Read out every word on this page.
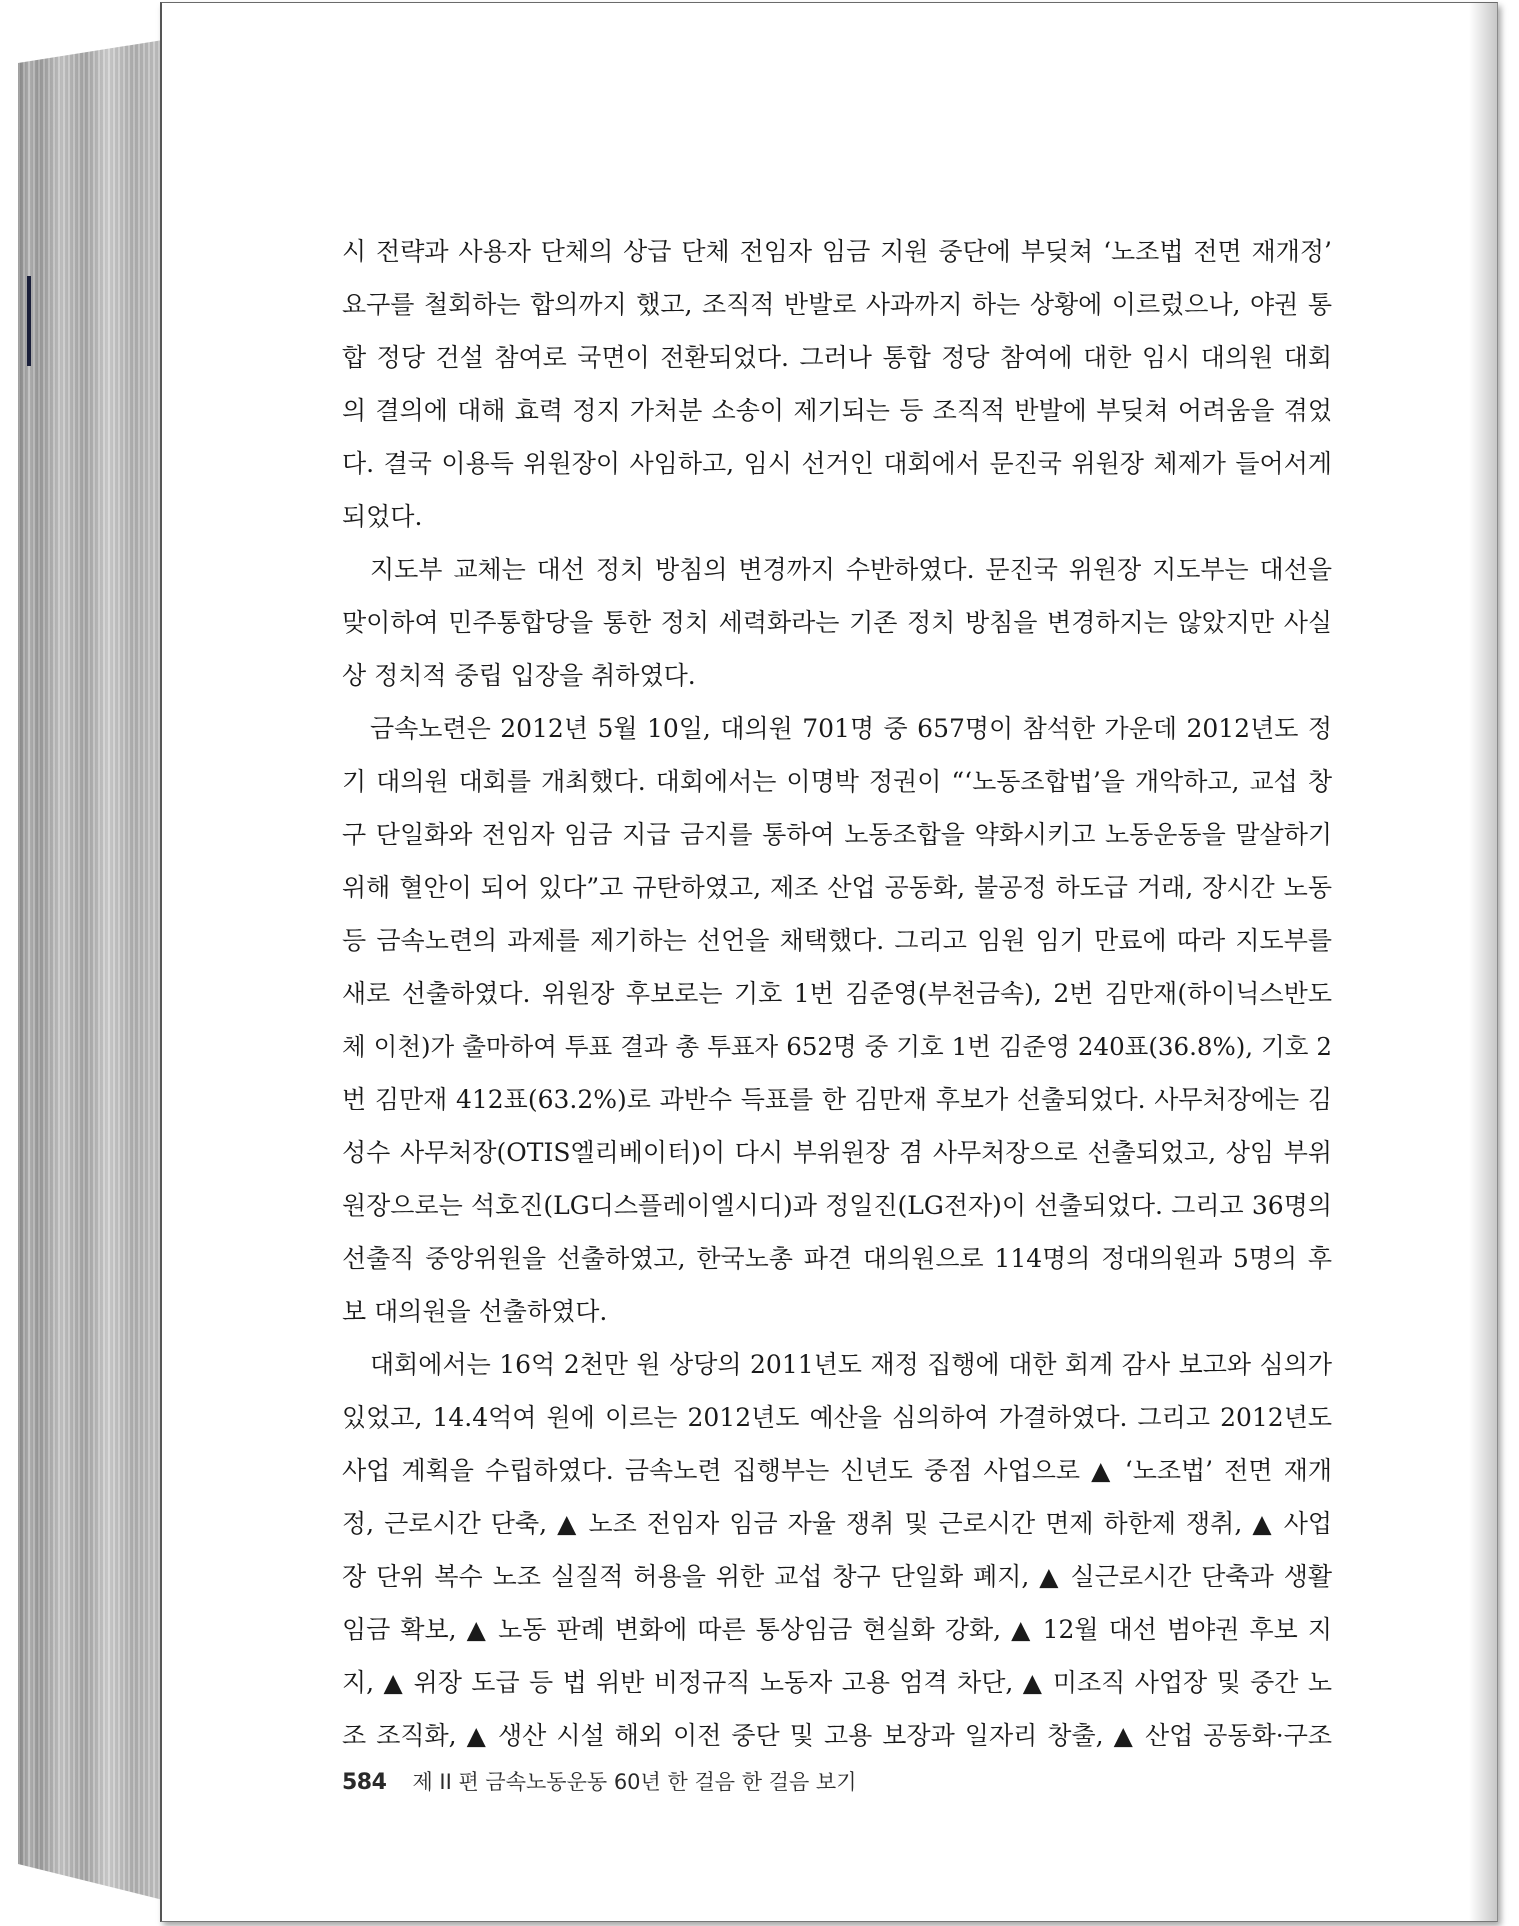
시 전략과 사용자 단체의 상급 단체 전임자 임금 지원 중단에 부딪쳐 ‘노조법 전면 재개정’
요구를 철회하는 합의까지 했고, 조직적 반발로 사과까지 하는 상황에 이르렀으나, 야권 통
합 정당 건설 참여로 국면이 전환되었다. 그러나 통합 정당 참여에 대한 임시 대의원 대회
의 결의에 대해 효력 정지 가처분 소송이 제기되는 등 조직적 반발에 부딪쳐 어려움을 겪었
다. 결국 이용득 위원장이 사임하고, 임시 선거인 대회에서 문진국 위원장 체제가 들어서게
되었다.
지도부 교체는 대선 정치 방침의 변경까지 수반하였다. 문진국 위원장 지도부는 대선을
맞이하여 민주통합당을 통한 정치 세력화라는 기존 정치 방침을 변경하지는 않았지만 사실
상 정치적 중립 입장을 취하였다.
금속노련은 2012년 5월 10일, 대의원 701명 중 657명이 참석한 가운데 2012년도 정
기 대의원 대회를 개최했다. 대회에서는 이명박 정권이 “‘노동조합법’을 개악하고, 교섭 창
구 단일화와 전임자 임금 지급 금지를 통하여 노동조합을 약화시키고 노동운동을 말살하기
위해 혈안이 되어 있다”고 규탄하였고, 제조 산업 공동화, 불공정 하도급 거래, 장시간 노동
등 금속노련의 과제를 제기하는 선언을 채택했다. 그리고 임원 임기 만료에 따라 지도부를
새로 선출하였다. 위원장 후보로는 기호 1번 김준영(부천금속), 2번 김만재(하이닉스반도
체 이천)가 출마하여 투표 결과 총 투표자 652명 중 기호 1번 김준영 240표(36.8%), 기호 2
번 김만재 412표(63.2%)로 과반수 득표를 한 김만재 후보가 선출되었다. 사무처장에는 김
성수 사무처장(OTIS엘리베이터)이 다시 부위원장 겸 사무처장으로 선출되었고, 상임 부위
원장으로는 석호진(LG디스플레이엘시디)과 정일진(LG전자)이 선출되었다. 그리고 36명의
선출직 중앙위원을 선출하였고, 한국노총 파견 대의원으로 114명의 정대의원과 5명의 후
보 대의원을 선출하였다.
대회에서는 16억 2천만 원 상당의 2011년도 재정 집행에 대한 회계 감사 보고와 심의가
있었고, 14.4억여 원에 이르는 2012년도 예산을 심의하여 가결하였다. 그리고 2012년도
사업 계획을 수립하였다. 금속노련 집행부는 신년도 중점 사업으로 ▲ ‘노조법’ 전면 재개
정, 근로시간 단축, ▲ 노조 전임자 임금 자율 쟁취 및 근로시간 면제 하한제 쟁취, ▲ 사업
장 단위 복수 노조 실질적 허용을 위한 교섭 창구 단일화 폐지, ▲ 실근로시간 단축과 생활
임금 확보, ▲ 노동 판례 변화에 따른 통상임금 현실화 강화, ▲ 12월 대선 범야권 후보 지
지, ▲ 위장 도급 등 법 위반 비정규직 노동자 고용 엄격 차단, ▲ 미조직 사업장 및 중간 노
조 조직화, ▲ 생산 시설 해외 이전 중단 및 고용 보장과 일자리 창출, ▲ 산업 공동화·구조
584 제 II 편 금속노동운동 60년 한 걸음 한 걸음 보기
